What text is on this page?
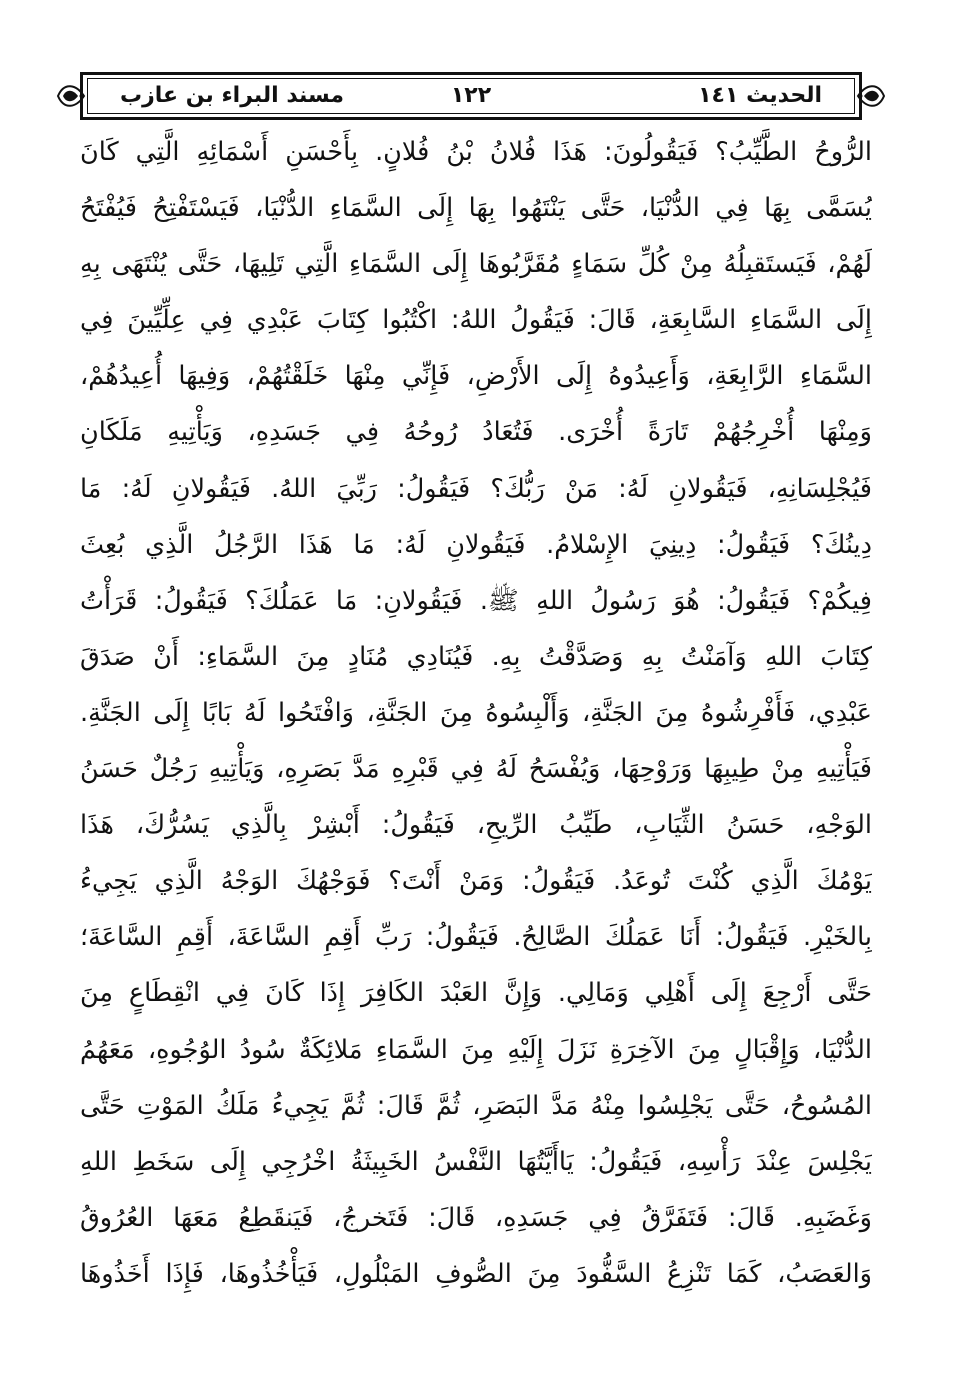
الحديث ١٤١
١٢٢
مسند البراء بن عازب
الرُّوحُ الطَّيِّبُ؟ فَيَقُولُونَ: هَذَا فُلانُ بْنُ فُلانٍ. بِأَحْسَنِ أَسْمَائِهِ الَّتِي كَانَ
يُسَمَّى بِهَا فِي الدُّنْيَا، حَتَّى يَنْتَهُوا بِهَا إِلَى السَّمَاءِ الدُّنْيَا، فَيَسْتَفْتِحُ فَيُفْتَحُ
لَهُمْ، فَيَستَقبِلُهُ مِنْ كُلِّ سَمَاءٍ مُقَرَّبُوهَا إِلَى السَّمَاءِ الَّتِي تَلِيهَا، حَتَّى يُنْتَهَى بِهِ
إِلَى السَّمَاءِ السَّابِعَةِ، قَالَ: فَيَقُولُ اللهُ: اكْتُبُوا كِتَابَ عَبْدِي فِي عِلِّيِّينَ فِي
السَّمَاءِ الرَّابِعَةِ، وَأَعِيدُوهُ إِلَى الأَرْضِ، فَإِنِّي مِنْهَا خَلَقْتُهُمْ، وَفِيهَا أُعِيدُهُمْ،
وَمِنْهَا أُخْرِجُهُمْ تَارَةً أُخْرَى. فَتُعَادُ رُوحُهُ فِي جَسَدِهِ، وَيَأْتِيهِ مَلَكَانِ
فَيُجْلِسَانِهِ، فَيَقُولانِ لَهُ: مَنْ رَبُّكَ؟ فَيَقُولُ: رَبِّيَ اللهُ. فَيَقُولانِ لَهُ: مَا
دِينُكَ؟ فَيَقُولُ: دِينِيَ الإِسْلامُ. فَيَقُولانِ لَهُ: مَا هَذَا الرَّجُلُ الَّذِي بُعِثَ
فِيكُمْ؟ فَيَقُولُ: هُوَ رَسُولُ اللهِ ﷺ. فَيَقُولانِ: مَا عَمَلُكَ؟ فَيَقُولُ: قَرَأْتُ
كِتَابَ اللهِ وَآمَنْتُ بِهِ وَصَدَّقْتُ بِهِ. فَيُنَادِي مُنَادٍ مِنَ السَّمَاءِ: أَنْ صَدَقَ
عَبْدِي، فَأَفْرِشُوهُ مِنَ الجَنَّةِ، وَأَلْبِسُوهُ مِنَ الجَنَّةِ، وَافْتَحُوا لَهُ بَابًا إِلَى الجَنَّةِ.
فَيَأْتِيهِ مِنْ طِيبِهَا وَرَوْحِهَا، وَيُفْسَحُ لَهُ فِي قَبْرِهِ مَدَّ بَصَرِهِ، وَيَأْتِيهِ رَجُلٌ حَسَنُ
الوَجْهِ، حَسَنُ الثِّيَابِ، طَيِّبُ الرِّيحِ، فَيَقُولُ: أَبْشِرْ بِالَّذِي يَسُرُّكَ، هَذَا
يَوْمُكَ الَّذِي كُنْتَ تُوعَدُ. فَيَقُولُ: وَمَنْ أَنْتَ؟ فَوَجْهُكَ الوَجْهُ الَّذِي يَجِيءُ
بِالخَيْرِ. فَيَقُولُ: أَنَا عَمَلُكَ الصَّالِحُ. فَيَقُولُ: رَبِّ أَقِمِ السَّاعَةَ، أَقِمِ السَّاعَةَ؛
حَتَّى أَرْجِعَ إِلَى أَهْلِي وَمَالِي. وَإِنَّ العَبْدَ الكَافِرَ إِذَا كَانَ فِي انْقِطَاعٍ مِنَ
الدُّنْيَا، وَإِقْبَالٍ مِنَ الآخِرَةِ نَزَلَ إِلَيْهِ مِنَ السَّمَاءِ مَلائِكَةٌ سُودُ الوُجُوهِ، مَعَهُمُ
المُسُوحُ، حَتَّى يَجْلِسُوا مِنْهُ مَدَّ البَصَرِ، ثُمَّ قَالَ: ثُمَّ يَجِيءُ مَلَكُ المَوْتِ حَتَّى
يَجْلِسَ عِنْدَ رَأْسِهِ، فَيَقُولُ: يَاأَيَّتُهَا النَّفْسُ الخَبِيثَةُ اخْرُجِي إِلَى سَخَطِ اللهِ
وَغَضَبِهِ. قَالَ: فَتَفَرَّقُ فِي جَسَدِهِ، قَالَ: فَتَخرجُ، فَيَنقَطِعُ مَعَهَا العُرُوقُ
وَالعَصَبُ، كَمَا تَنْزِعُ السَّفُّودَ مِنَ الصُّوفِ المَبْلُولِ، فَيَأْخُذُوهَا، فَإِذَا أَخَذُوهَا
